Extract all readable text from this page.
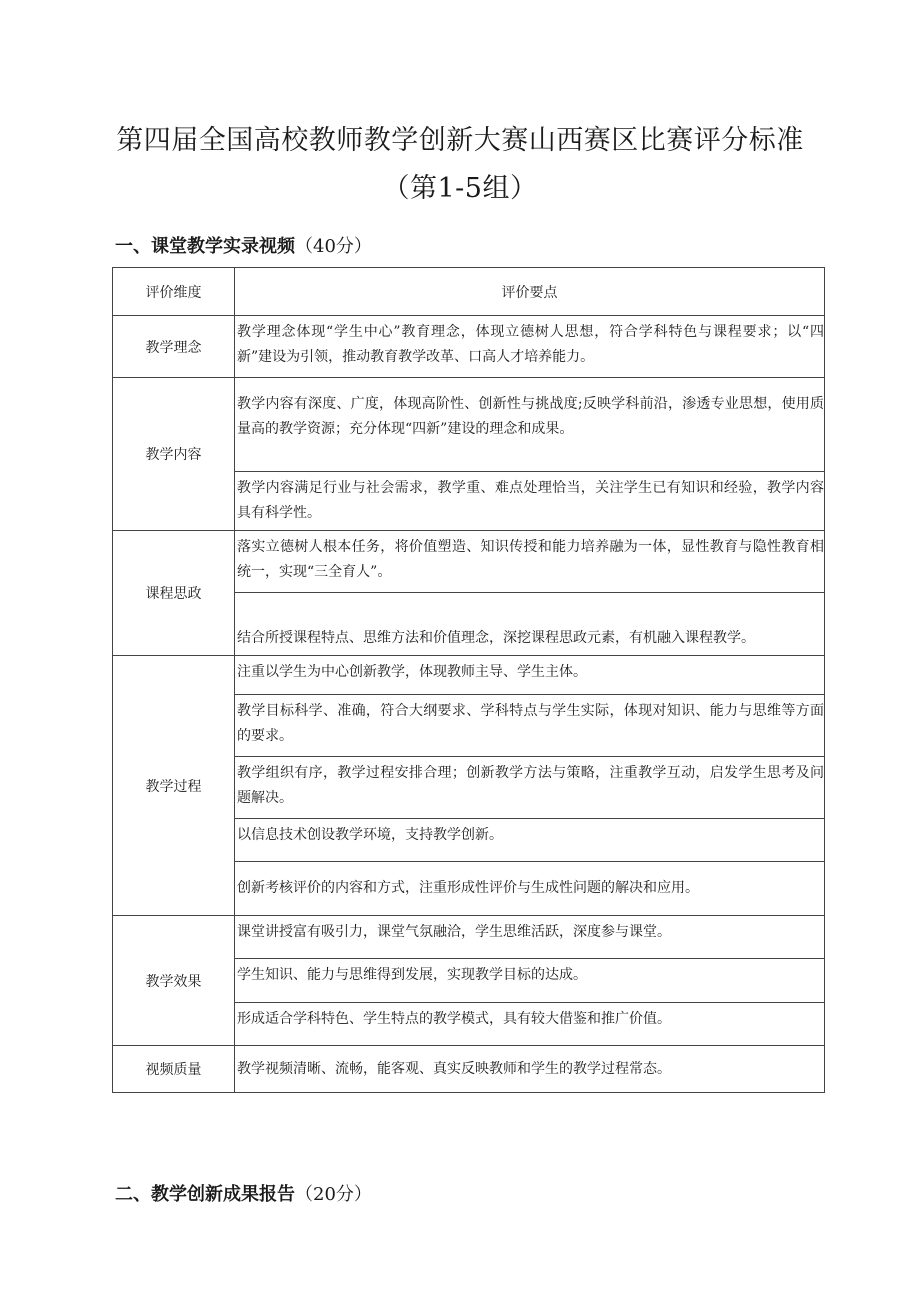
第四届全国高校教师教学创新大赛山西赛区比赛评分标准
（第1-5组）
一、课堂教学实录视频（40分）
评价维度	评价要点
教学理念	教学理念体现“学生中心”教育理念，体现立德树人思想，符合学科特色与课程要求；以“四新”建设为引领，推动教育教学改革、口高人才培养能力。
教学内容	教学内容有深度、广度，体现高阶性、创新性与挑战度;反映学科前沿，渗透专业思想，使用质量高的教学资源；充分体现“四新”建设的理念和成果。
	教学内容满足行业与社会需求，教学重、难点处理恰当，关注学生已有知识和经验，教学内容具有科学性。
课程思政	落实立德树人根本任务，将价值塑造、知识传授和能力培养融为一体，显性教育与隐性教育相统一，实现“三全育人”。
	结合所授课程特点、思维方法和价值理念，深挖课程思政元素，有机融入课程教学。
教学过程	注重以学生为中心创新教学，体现教师主导、学生主体。
	教学目标科学、准确，符合大纲要求、学科特点与学生实际，体现对知识、能力与思维等方面的要求。
	教学组织有序，教学过程安排合理；创新教学方法与策略，注重教学互动，启发学生思考及问题解决。
	以信息技术创设教学环境，支持教学创新。
	创新考核评价的内容和方式，注重形成性评价与生成性问题的解决和应用。
教学效果	课堂讲授富有吸引力，课堂气氛融洽，学生思维活跃，深度参与课堂。
	学生知识、能力与思维得到发展，实现教学目标的达成。
	形成适合学科特色、学生特点的教学模式，具有较大借鉴和推广价值。
视频质量	教学视频清晰、流畅，能客观、真实反映教师和学生的教学过程常态。
二、教学创新成果报告（20分）
